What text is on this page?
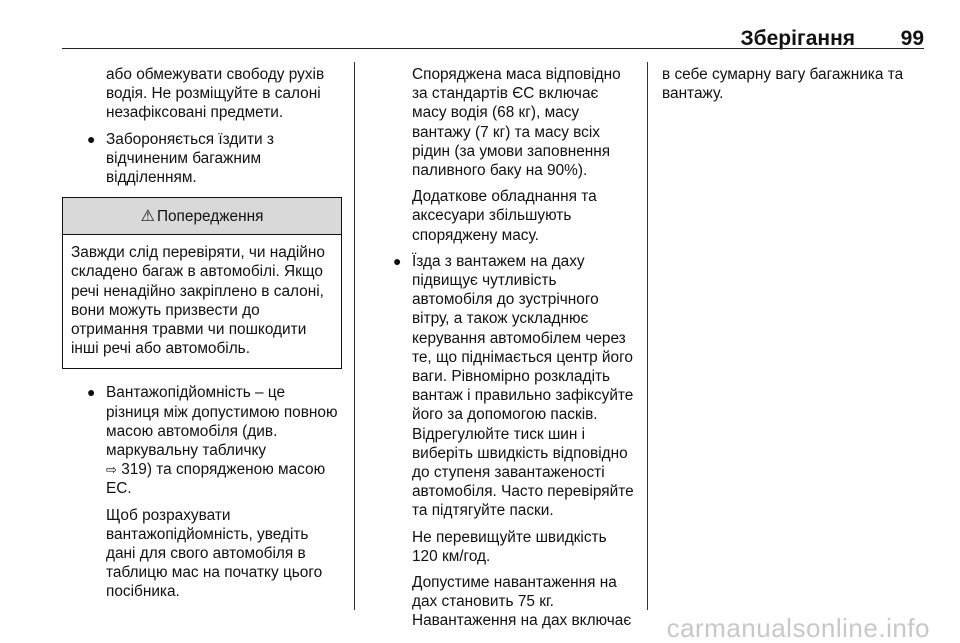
Зберігання 99

або обмежувати свободу рухів водія. Не розміщуйте в салоні незафіксовані предмети.

● Забороняється їздити з відчиненим багажним відділенням.
⚠ Попередження
Завжди слід перевіряти, чи надійно складено багаж в автомобілі. Якщо речі ненадійно закріплено в салоні, вони можуть призвести до отримання травми чи пошкодити інші речі або автомобіль.
● Вантажопідйомність – це різниця між допустимою повною масою автомобіля (див. маркувальну табличку
⇨ 319) та спорядженою масою ЕС.

Щоб розрахувати вантажопідйомність, уведіть дані для свого автомобіля в таблицю мас на початку цього посібника.

Споряджена маса відповідно за стандартів ЄС включає масу водія (68 кг), масу вантажу (7 кг) та масу всіх рідин (за умови заповнення паливного баку на 90%).

Додаткове обладнання та аксесуари збільшують споряджену масу.

● Їзда з вантажем на даху підвищує чутливість автомобіля до зустрічного вітру, а також ускладнює керування автомобілем через те, що піднімається центр його ваги. Рівномірно розкладіть вантаж і правильно зафіксуйте його за допомогою пасків. Відрегулюйте тиск шин і виберіть швидкість відповідно до ступеня завантаженості автомобіля. Часто перевіряйте та підтягуйте паски.

Не перевищуйте швидкість 120 км/год.

Допустиме навантаження на дах становить 75 кг. Навантаження на дах включає

в себе сумарну вагу багажника та вантажу.

carmanualsonline.info
